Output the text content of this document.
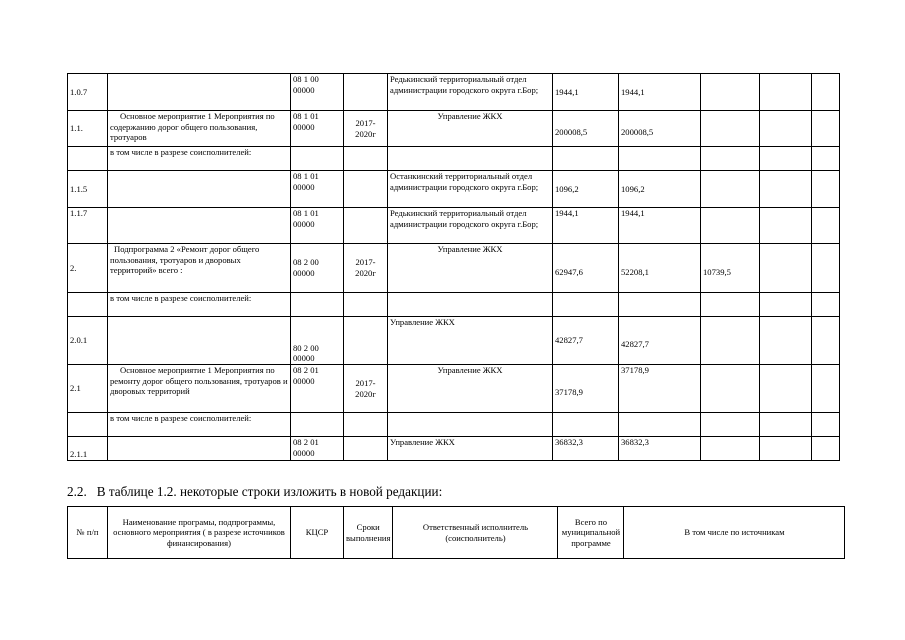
1.0.7		08 1 00 00000		Редькинский территориальный отдел администрации городского округа г.Бор;	1944,1	1944,1			
1.1.	Основное мероприятие 1 Мероприятия по содержанию дорог общего пользования, тротуаров	08 1 01 00000	2017-2020г	Управление ЖКХ	200008,5	200008,5			
	в том числе в разрезе соисполнителей:								
1.1.5		08 1 01 00000		Останкинский территориальный отдел администрации городского округа г.Бор;	1096,2	1096,2			
1.1.7		08 1 01 00000		Редькинский территориальный отдел администрации городского округа г.Бор;	1944,1	1944,1			
2.	Подпрограмма 2 «Ремонт дорог общего пользования, тротуаров и дворовых территорий» всего :	08 2 00 00000	2017-2020г	Управление ЖКХ	62947,6	52208,1	10739,5		
	в том числе в разрезе соисполнителей:								
2.0.1		80 2 00 00000		Управление ЖКХ	42827,7	42827,7			
2.1	Основное мероприятие 1 Мероприятия по ремонту дорог общего пользования, тротуаров и дворовых территорий	08 2 01 00000	2017-2020г	Управление ЖКХ	37178,9	37178,9			
	в том числе в разрезе соисполнителей:								
2.1.1		08 2 01 00000		Управление ЖКХ	36832,3	36832,3			
2.2. В таблице 1.2. некоторые строки изложить в новой редакции:
№ п/п	Наименование програмы, подпрограммы, основного мероприятия ( в разрезе источников финансирования)	КЦСР	Сроки выполнения	Ответственный исполнитель (соисполнитель)	Всего по муниципальной программе	В том числе по источникам
